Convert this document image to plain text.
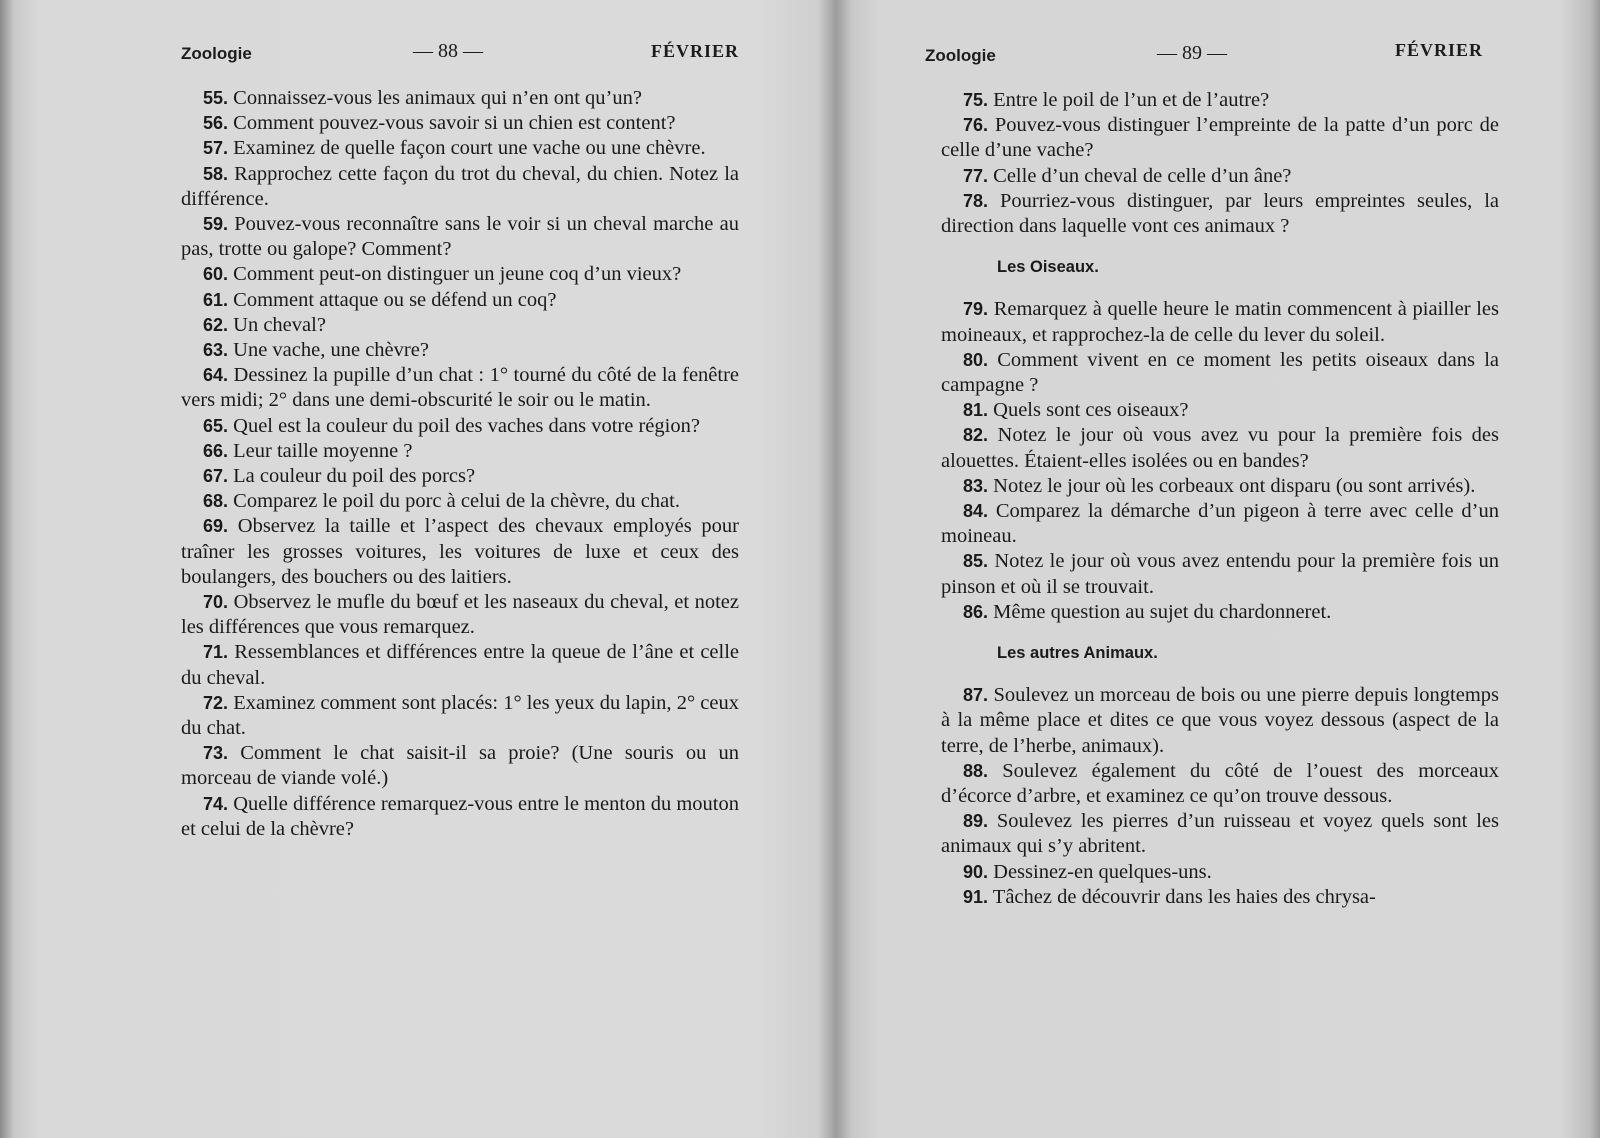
Zoologie	— 88 —	FÉVRIER

55. Connaissez-vous les animaux qui n’en ont qu’un?

56. Comment pouvez-vous savoir si un chien est content?

57. Examinez de quelle façon court une vache ou une chèvre.

58. Rapprochez cette façon du trot du cheval, du chien. Notez la différence.

59. Pouvez-vous reconnaître sans le voir si un cheval marche au pas, trotte ou galope? Comment?

60. Comment peut-on distinguer un jeune coq d’un vieux?

61. Comment attaque ou se défend un coq?

62. Un cheval?

63. Une vache, une chèvre?

64. Dessinez la pupille d’un chat : 1° tourné du côté de la fenêtre vers midi; 2° dans une demi-obscurité le soir ou le matin.

65. Quel est la couleur du poil des vaches dans votre région?

66. Leur taille moyenne ?

67. La couleur du poil des porcs?

68. Comparez le poil du porc à celui de la chèvre, du chat.

69. Observez la taille et l’aspect des chevaux employés pour traîner les grosses voitures, les voitures de luxe et ceux des boulangers, des bouchers ou des laitiers.

70. Observez le mufle du bœuf et les naseaux du cheval, et notez les différences que vous remarquez.

71. Ressemblances et différences entre la queue de l’âne et celle du cheval.

72. Examinez comment sont placés: 1° les yeux du lapin, 2° ceux du chat.

73. Comment le chat saisit-il sa proie? (Une souris ou un morceau de viande volé.)

74. Quelle différence remarquez-vous entre le menton du mouton et celui de la chèvre?

Zoologie	— 89 —	FÉVRIER

75. Entre le poil de l’un et de l’autre?

76. Pouvez-vous distinguer l’empreinte de la patte d’un porc de celle d’une vache?

77. Celle d’un cheval de celle d’un âne?

78. Pourriez-vous distinguer, par leurs empreintes seules, la direction dans laquelle vont ces animaux ?

Les Oiseaux.

79. Remarquez à quelle heure le matin commencent à piailler les moineaux, et rapprochez-la de celle du lever du soleil.

80. Comment vivent en ce moment les petits oiseaux dans la campagne ?

81. Quels sont ces oiseaux?

82. Notez le jour où vous avez vu pour la première fois des alouettes. Étaient-elles isolées ou en bandes?

83. Notez le jour où les corbeaux ont disparu (ou sont arrivés).

84. Comparez la démarche d’un pigeon à terre avec celle d’un moineau.

85. Notez le jour où vous avez entendu pour la première fois un pinson et où il se trouvait.

86. Même question au sujet du chardonneret.

Les autres Animaux.

87. Soulevez un morceau de bois ou une pierre depuis longtemps à la même place et dites ce que vous voyez dessous (aspect de la terre, de l’herbe, animaux).

88. Soulevez également du côté de l’ouest des morceaux d’écorce d’arbre, et examinez ce qu’on trouve dessous.

89. Soulevez les pierres d’un ruisseau et voyez quels sont les animaux qui s’y abritent.

90. Dessinez-en quelques-uns.

91. Tâchez de découvrir dans les haies des chrysa-
